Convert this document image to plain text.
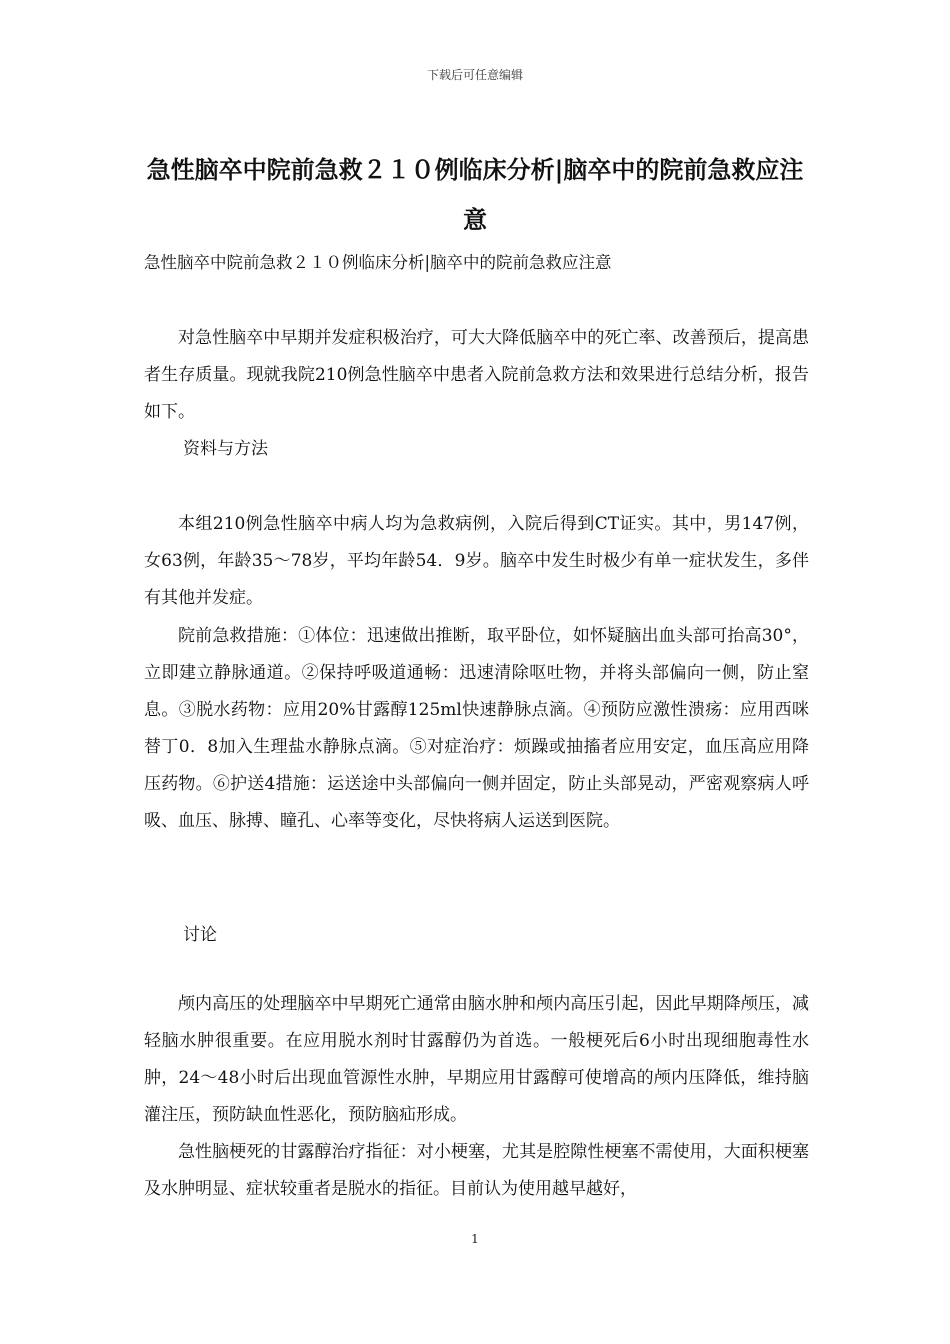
下载后可任意编辑
急性脑卒中院前急救２１０例临床分析|脑卒中的院前急救应注意
急性脑卒中院前急救２１０例临床分析|脑卒中的院前急救应注意

对急性脑卒中早期并发症积极治疗，可大大降低脑卒中的死亡率、改善预后，提高患者生存质量。现就我院210例急性脑卒中患者入院前急救方法和效果进行总结分析，报告如下。

资料与方法

本组210例急性脑卒中病人均为急救病例，入院后得到CT证实。其中，男147例，女63例，年龄35～78岁，平均年龄54．9岁。脑卒中发生时极少有单一症状发生，多伴有其他并发症。

院前急救措施：①体位：迅速做出推断，取平卧位，如怀疑脑出血头部可抬高30°，立即建立静脉通道。②保持呼吸道通畅：迅速清除呕吐物，并将头部偏向一侧，防止窒息。③脱水药物：应用20%甘露醇125ml快速静脉点滴。④预防应激性溃疡：应用西咪替丁0．8加入生理盐水静脉点滴。⑤对症治疗：烦躁或抽搐者应用安定，血压高应用降压药物。⑥护送4措施：运送途中头部偏向一侧并固定，防止头部晃动，严密观察病人呼吸、血压、脉搏、瞳孔、心率等变化，尽快将病人运送到医院。

讨论

颅内高压的处理脑卒中早期死亡通常由脑水肿和颅内高压引起，因此早期降颅压，减轻脑水肿很重要。在应用脱水剂时甘露醇仍为首选。一般梗死后6小时出现细胞毒性水肿，24～48小时后出现血管源性水肿，早期应用甘露醇可使增高的颅内压降低，维持脑灌注压，预防缺血性恶化，预防脑疝形成。

急性脑梗死的甘露醇治疗指征：对小梗塞，尤其是腔隙性梗塞不需使用，大面积梗塞及水肿明显、症状较重者是脱水的指征。目前认为使用越早越好，

1
